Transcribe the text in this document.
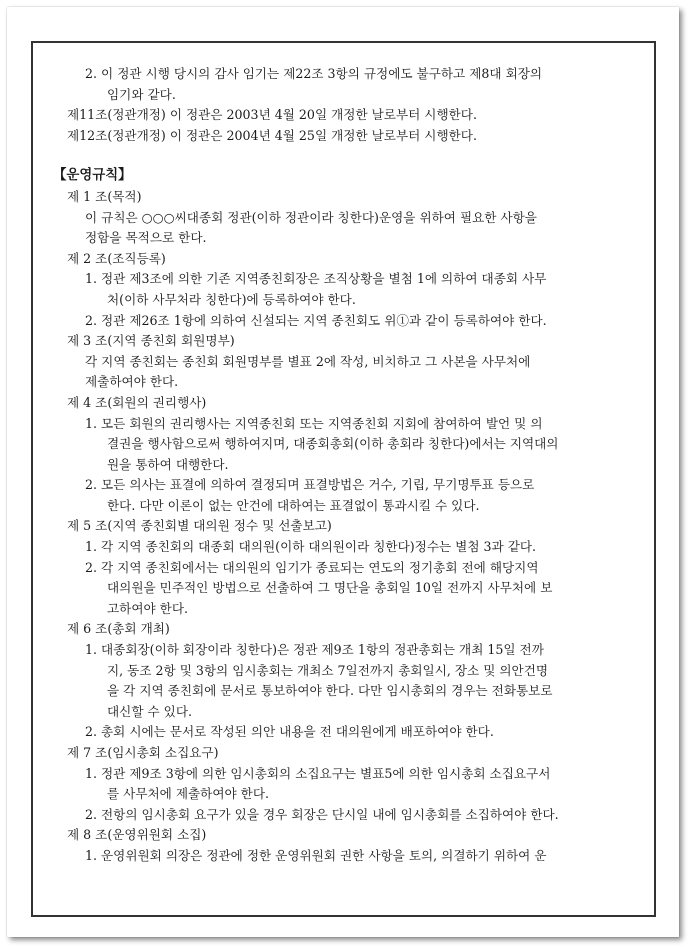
2. 이 정관 시행 당시의 감사 임기는 제22조 3항의 규정에도 불구하고 제8대 회장의
임기와 같다.
제11조(정관개정) 이 정관은 2003년 4월 20일 개정한 날로부터 시행한다.
제12조(정관개정) 이 정관은 2004년 4월 25일 개정한 날로부터 시행한다.
【운영규칙】
제 1 조(목적)
이 규칙은 ○○○씨대종회 정관(이하 정관이라 칭한다)운영을 위하여 필요한 사항을
정함을 목적으로 한다.
제 2 조(조직등록)
1. 정관 제3조에 의한 기존 지역종친회장은 조직상황을 별첨 1에 의하여 대종회 사무
처(이하 사무처라 칭한다)에 등록하여야 한다.
2. 정관 제26조 1항에 의하여 신설되는 지역 종친회도 위①과 같이 등록하여야 한다.
제 3 조(지역 종친회 회원명부)
각 지역 종친회는 종친회 회원명부를 별표 2에 작성, 비치하고 그 사본을 사무처에
제출하여야 한다.
제 4 조(회원의 권리행사)
1. 모든 회원의 권리행사는 지역종친회 또는 지역종친회 지회에 참여하여 발언 및 의
결권을 행사함으로써 행하여지며, 대종회총회(이하 총회라 칭한다)에서는 지역대의
원을 통하여 대행한다.
2. 모든 의사는 표결에 의하여 결정되며 표결방법은 거수, 기립, 무기명투표 등으로
한다. 다만 이론이 없는 안건에 대하여는 표결없이 통과시킬 수 있다.
제 5 조(지역 종친회별 대의원 정수 및 선출보고)
1. 각 지역 종친회의 대종회 대의원(이하 대의원이라 칭한다)정수는 별첨 3과 같다.
2. 각 지역 종친회에서는 대의원의 임기가 종료되는 연도의 정기총회 전에 해당지역
대의원을 민주적인 방법으로 선출하여 그 명단을 총회일 10일 전까지 사무처에 보
고하여야 한다.
제 6 조(총회 개최)
1. 대종회장(이하 회장이라 칭한다)은 정관 제9조 1항의 정관총회는 개최 15일 전까
지, 동조 2항 및 3항의 임시총회는 개최소 7일전까지 총회일시, 장소 및 의안건명
을 각 지역 종친회에 문서로 통보하여야 한다. 다만 임시총회의 경우는 전화통보로
대신할 수 있다.
2. 총회 시에는 문서로 작성된 의안 내용을 전 대의원에게 배포하여야 한다.
제 7 조(임시총회 소집요구)
1. 정관 제9조 3항에 의한 임시총회의 소집요구는 별표5에 의한 임시총회 소집요구서
를 사무처에 제출하여야 한다.
2. 전항의 임시총회 요구가 있을 경우 회장은 단시일 내에 임시총회를 소집하여야 한다.
제 8 조(운영위원회 소집)
1. 운영위원회 의장은 정관에 정한 운영위원회 권한 사항을 토의, 의결하기 위하여 운
